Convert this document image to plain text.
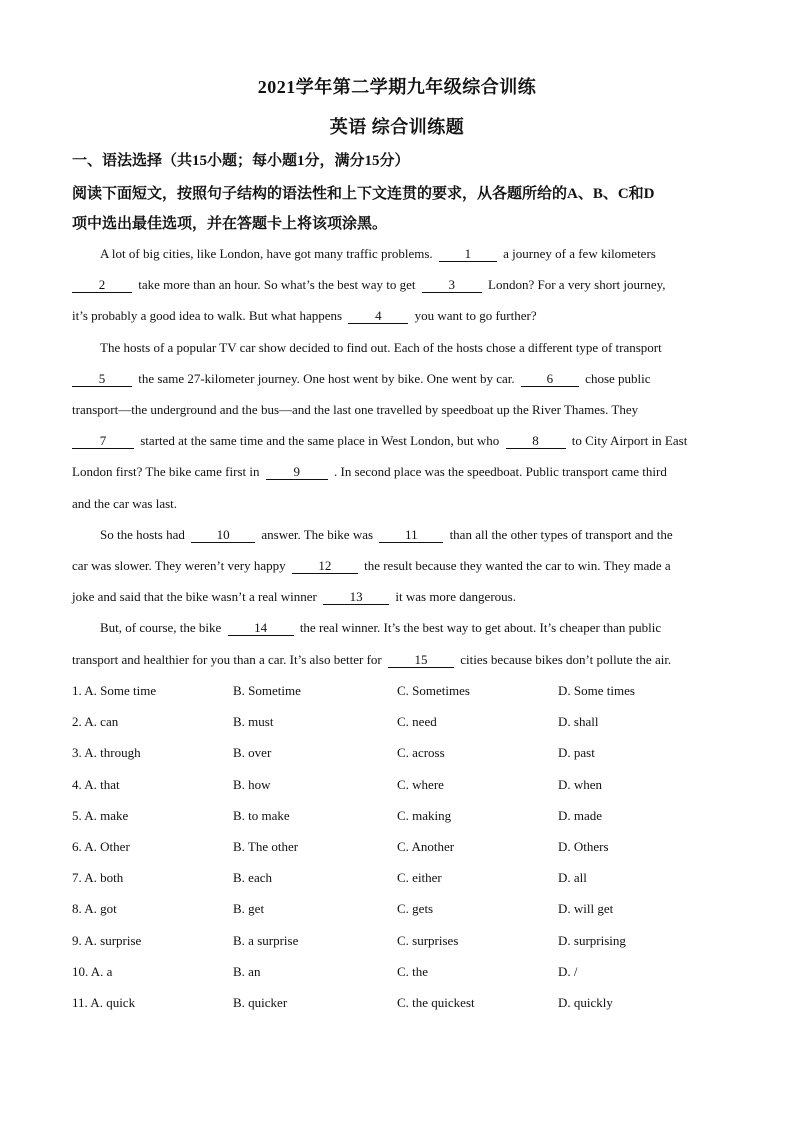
2021学年第二学期九年级综合训练
英语 综合训练题
一、语法选择（共15小题；每小题1分，满分15分）
阅读下面短文，按照句子结构的语法性和上下文连贯的要求，从各题所给的A、B、C和D
项中选出最佳选项，并在答题卡上将该项涂黑。
A lot of big cities, like London, have got many traffic problems. 1 a journey of a few kilometers
2	take more than an hour. So what’s the best way to get	3	London? For a very short journey,
it’s probably a good idea to walk. But what happens	4	you want to go further?
The hosts of a popular TV car show decided to find out. Each of the hosts chose a different type of transport
5	the same 27-kilometer journey. One host went by bike. One went by car. 6 chose public
transport—the underground and the bus—and the last one travelled by speedboat up the River Thames. They
7	started at the same time and the same place in West London, but who	8	to City Airport in East
London first? The bike came first in	9	. In second place was the speedboat. Public transport came third
and the car was last.
So the hosts had 10 answer. The bike was 11 than all the other types of transport and the
car was slower. They weren’t very happy	12	the result because they wanted the car to win. They made a
joke and said that the bike wasn’t a real winner	13	it was more dangerous.
But, of course, the bike	14	the real winner. It’s the best way to get about. It’s cheaper than public
transport and healthier for you than a car. It’s also better for	15	cities because bikes don’t pollute the air.
1. A. Some time	B. Sometime	C. Sometimes	D. Some times
2. A. can	B. must	C. need	D. shall
3. A. through	B. over	C. across	D. past
4. A. that	B. how	C. where	D. when
5. A. make	B. to make	C. making	D. made
6. A. Other	B. The other	C. Another	D. Others
7. A. both	B. each	C. either	D. all
8. A. got	B. get	C. gets	D. will get
9. A. surprise	B. a surprise	C. surprises	D. surprising
10. A. a	B. an	C. the	D. /
11. A. quick	B. quicker	C. the quickest	D. quickly
